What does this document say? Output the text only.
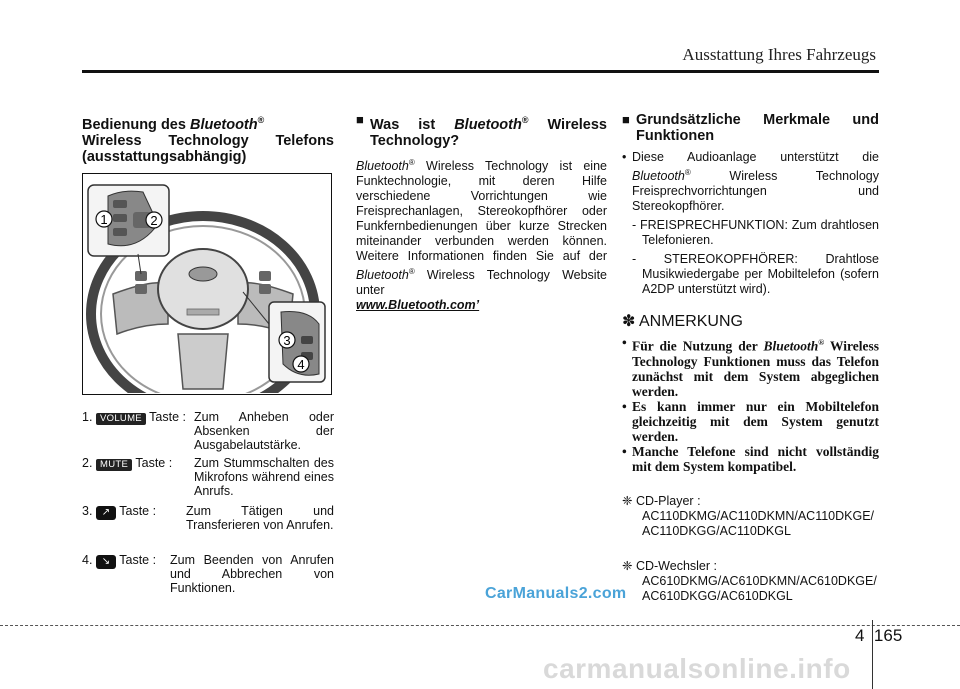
Ausstattung Ihres Fahrzeugs
Bedienung des Bluetooth®
Wireless Technology Telefons (ausstattungsabhängig)
1	2
3
4
1. VOLUME Taste : Zum Anheben oder Absenken der Ausgabelautstärke.
2. MUTE Taste : Zum Stummschalten des Mikrofons während eines Anrufs.
3. ↗ Taste : Zum Tätigen und Transferieren von Anrufen.
4. ↘ Taste : Zum Beenden von Anrufen und Abbrechen von Funktionen.
■ Was ist Bluetooth® Wireless Technology?

Bluetooth® Wireless Technology ist eine Funktechnologie, mit deren Hilfe verschiedene Vorrichtungen wie Freisprechanlagen, Stereokopfhörer oder Funkfernbedienungen über kurze Strecken miteinander verbunden werden können. Weitere Informationen finden Sie auf der Bluetooth® Wireless Technology Website unter
www.Bluetooth.com’

■ Grundsätzliche Merkmale und Funktionen
• Diese Audioanlage unterstützt die Bluetooth® Wireless Technology Freisprechvorrichtungen und Stereokopfhörer.

- FREISPRECHFUNKTION: Zum drahtlosen Telefonieren.

- STEREOKOPFHÖRER: Drahtlose Musikwiedergabe per Mobiltelefon (sofern A2DP unterstützt wird).

✽ ANMERKUNG

• Für die Nutzung der Bluetooth® Wireless Technology Funktionen muss das Telefon zunächst mit dem System abgeglichen werden.

• Es kann immer nur ein Mobiltelefon gleichzeitig mit dem System genutzt werden.

• Manche Telefone sind nicht vollständig mit dem System kompatibel.

❈ CD-Player :

AC110DKMG/AC110DKMN/AC110DKGE/AC110DKGG/AC110DKGL

❈ CD-Wechsler :

AC610DKMG/AC610DKMN/AC610DKGE/AC610DKGG/AC610DKGL

CarManuals2.com
4 165
carmanualsonline.info
